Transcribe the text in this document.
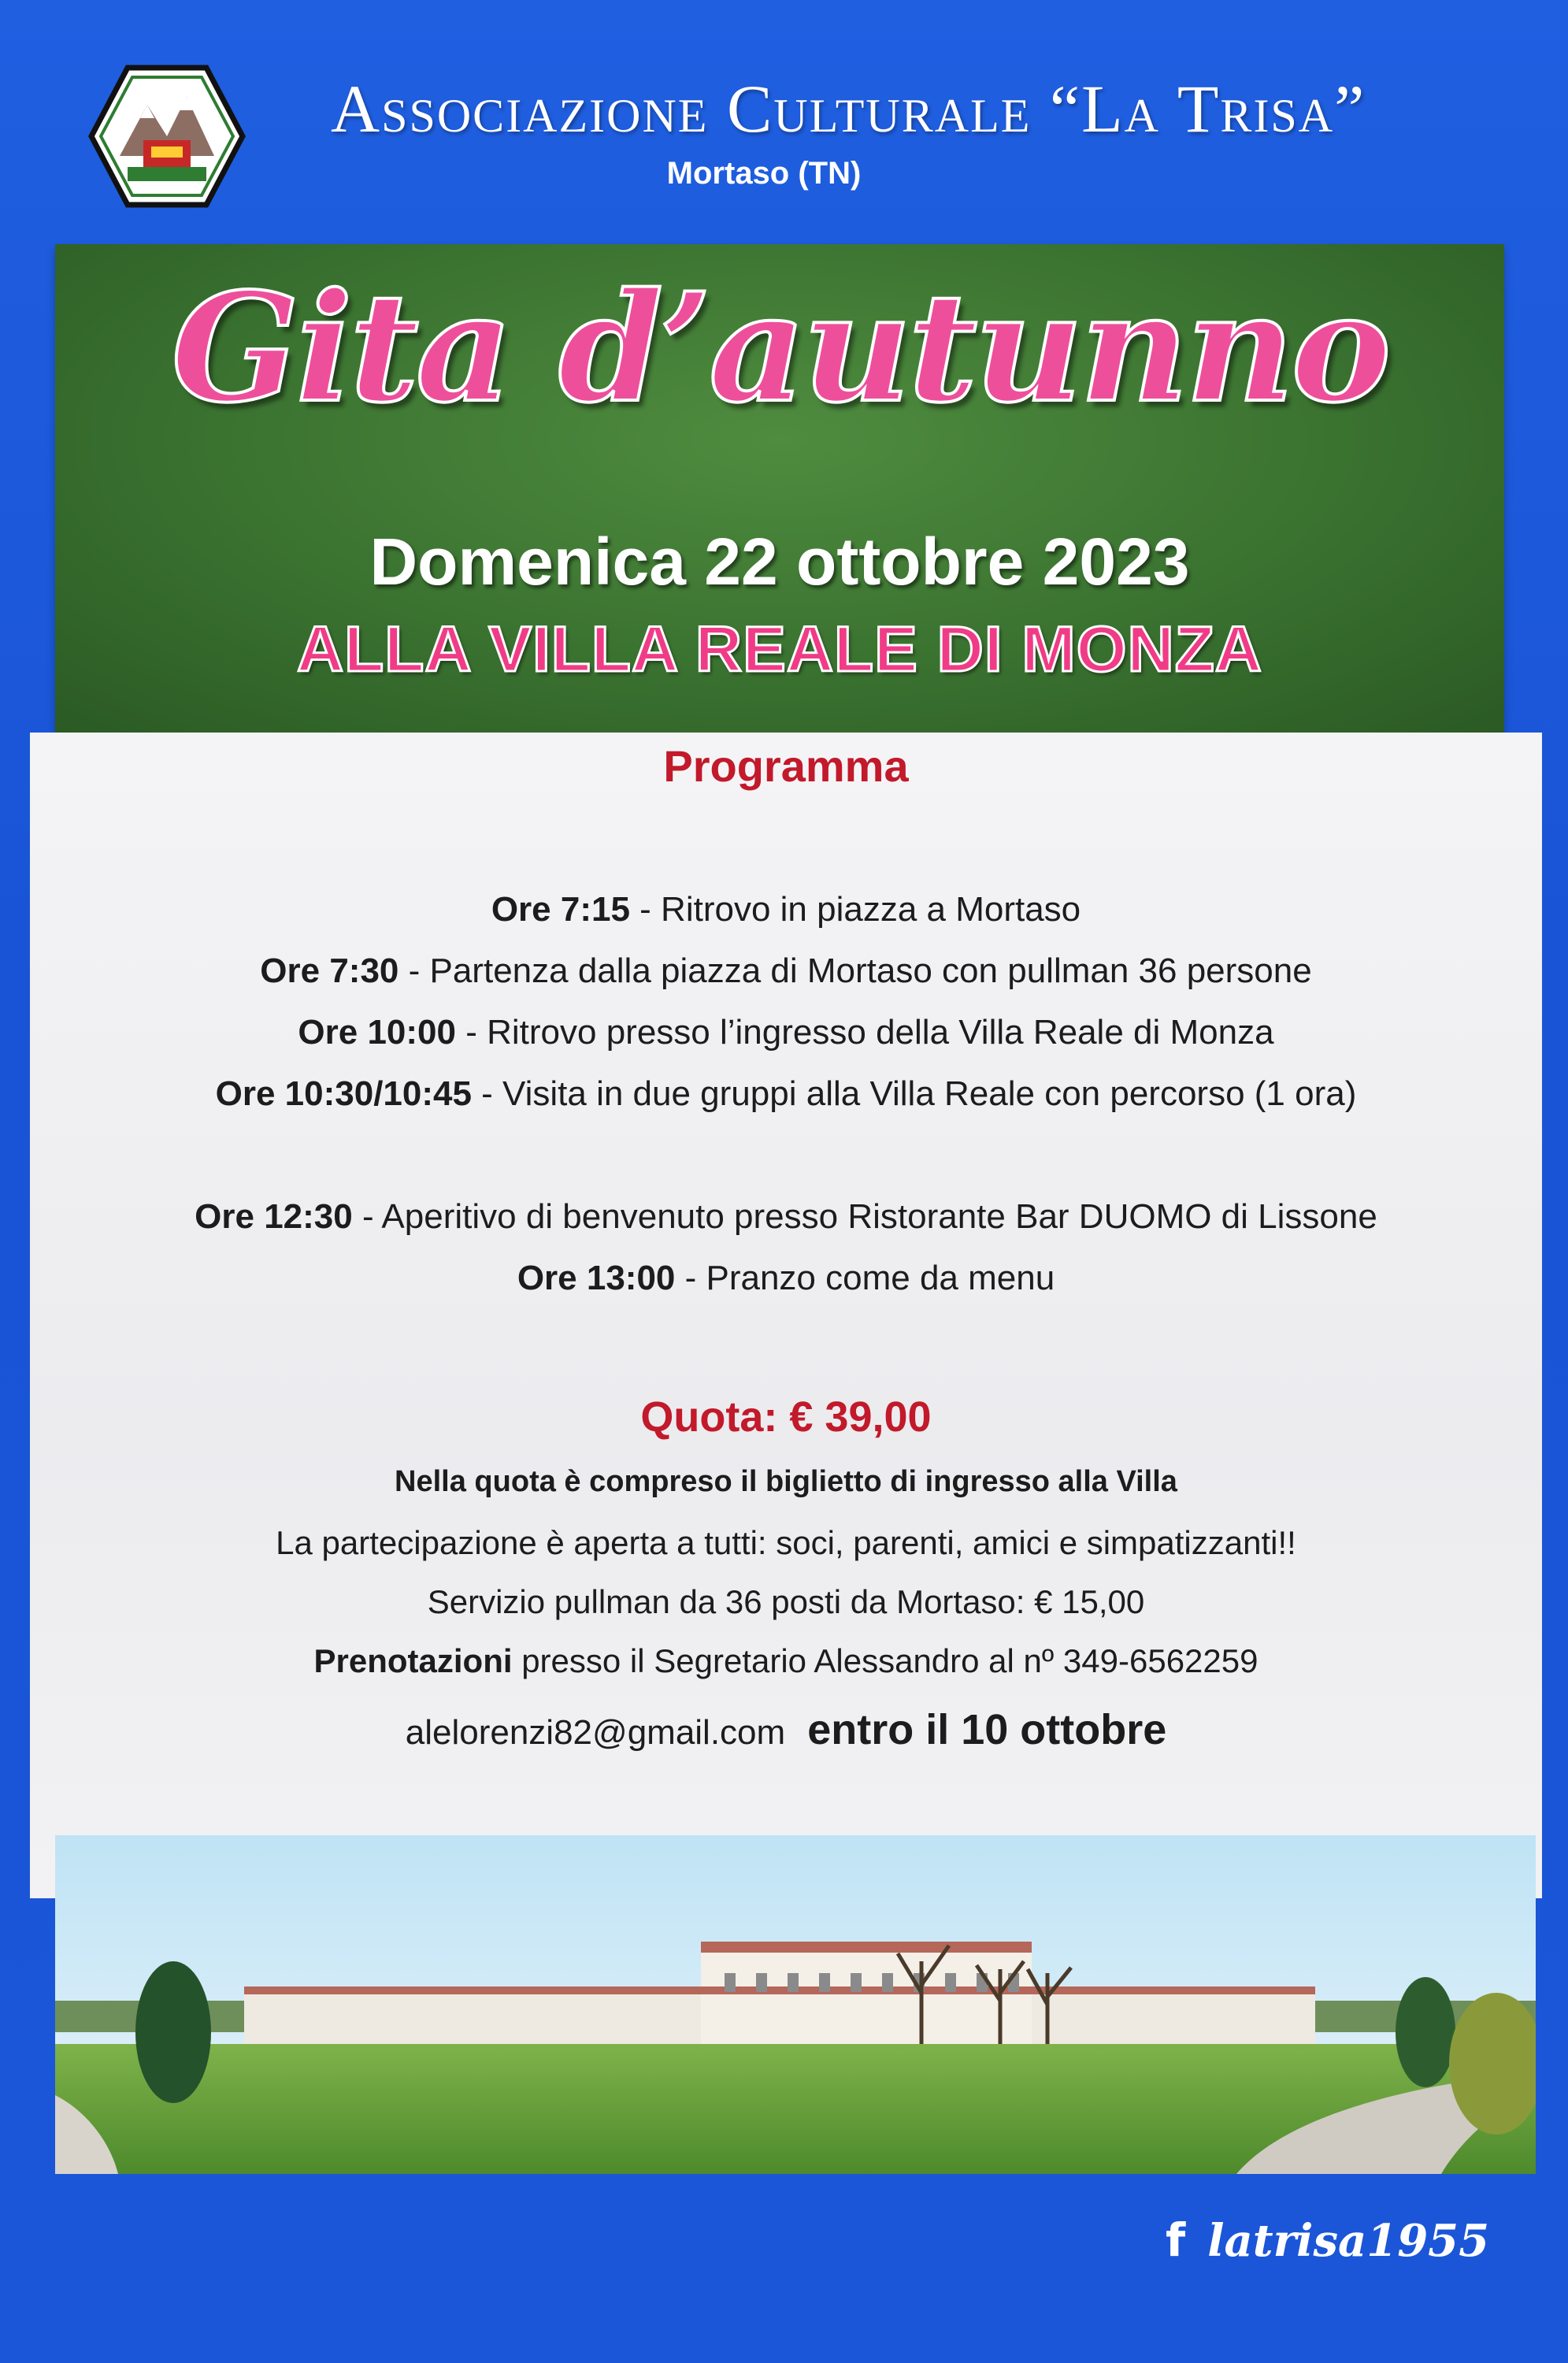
Associazione Culturale “La Trisa”
Mortaso (TN)
Gita d’autunno
Domenica 22 ottobre 2023
ALLA VILLA REALE DI MONZA
Programma
Ore 7:15 - Ritrovo in piazza a Mortaso
Ore 7:30 - Partenza dalla piazza di Mortaso con pullman 36 persone
Ore 10:00 - Ritrovo presso l’ingresso della Villa Reale di Monza
Ore 10:30/10:45 - Visita in due gruppi alla Villa Reale con percorso (1 ora)
Ore 12:30 - Aperitivo di benvenuto presso Ristorante Bar DUOMO di Lissone
Ore 13:00 - Pranzo come da menu
Quota: € 39,00
Nella quota è compreso il biglietto di ingresso alla Villa
La partecipazione è aperta a tutti: soci, parenti, amici e simpatizzanti!!
Servizio pullman da 36 posti da Mortaso: € 15,00
Prenotazioni presso il Segretario Alessandro al nº 349-6562259
alelorenzi82@gmail.com entro il 10 ottobre
f latrisa1955
